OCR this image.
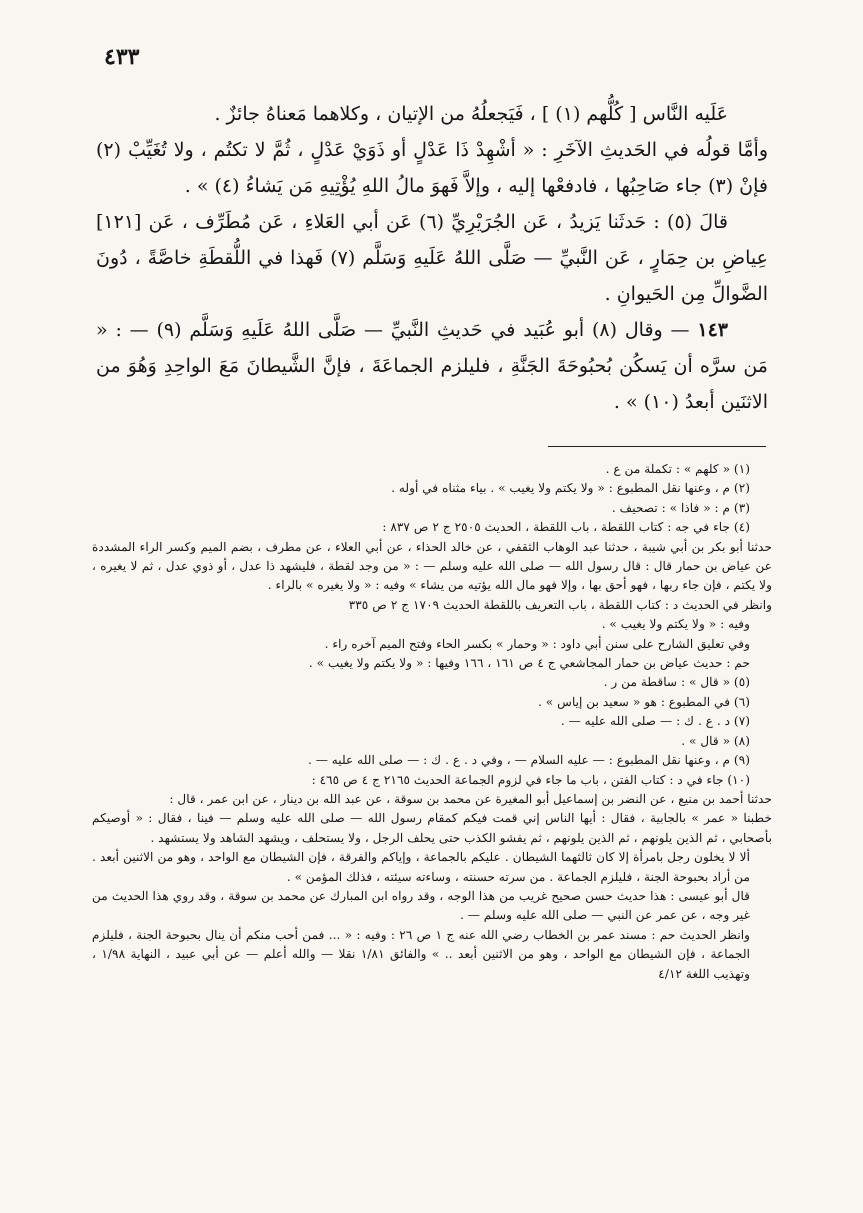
٤٣٣

عَلَيه النَّاس [ كُلُّهم (١) ] ، فَيَجعلُهُ من الإتيان ، وكلاهما مَعناهُ جائزٌ .

وأمَّا قولُه في الحَديثِ الآخَرِ : « أشْهِدْ ذَا عَدْلٍ أو ذَوَيْ عَدْلٍ ، ثُمَّ لا تكتُم ، ولا تُغَيِّبْ (٢) فإنْ (٣) جاء صَاحِبُها ، فادفعْها إليه ، وإلاَّ فَهوَ مالُ اللهِ يُؤْتِيهِ مَن يَشاءُ (٤) » .

قالَ (٥) : حَدثَنا يَزيدُ ، عَن الجُرَيْرِيِّ (٦) عَن أبي العَلاءِ ، عَن مُطَرِّف ، عَن [١٢١] عِياضِ بن حِمَارٍ ، عَن النَّبيِّ — صَلَّى اللهُ عَلَيهِ وَسَلَّم (٧) فَهذا في اللُّقطَةِ خاصَّةً ، دُونَ الضَّوالِّ مِن الحَيوانِ .

١٤٣ — وقال (٨) أبو عُبَيد في حَديثِ النَّبيِّ — صَلَّى اللهُ عَلَيهِ وَسَلَّم (٩) — : « مَن سرَّه أن يَسكُن بُحبُوحَةَ الجَنَّةِ ، فليلزم الجماعَةَ ، فإنَّ الشَّيطانَ مَعَ الواحِدِ وَهُوَ من الاثنَين أبعدُ (١٠) » .

(١) « كلهم » : تكملة من ع .

(٢) م ، وعنها نقل المطبوع : « ولا يكتم ولا يغيب » . بياء مثناه في أوله .

(٣) م : « فاذا » : تصحيف .

(٤) جاء في جه : كتاب اللقطة ، باب اللقطة ، الحديث ٢٥٠٥ ج ٢ ص ٨٣٧ :

حدثنا أبو بكر بن أبي شيبة ، حدثنا عبد الوهاب الثقفي ، عن خالد الحذاء ، عن أبي العلاء ، عن مطرف ، بضم الميم وكسر الراء المشددة عن عياض بن حمار قال : قال رسول الله — صلى الله عليه وسلم — : « من وجد لقطة ، فليشهد ذا عدل ، أو ذوي عدل ، ثم لا يغيره ، ولا يكتم ، فإن جاء ربها ، فهو أحق بها ، وإلا فهو مال الله يؤتيه من يشاء » وفيه : « ولا يغيره » بالراء .

وانظر في الحديث د : كتاب اللقطة ، باب التعريف باللقطة الحديث ١٧٠٩ ج ٢ ص ٣٣٥

وفيه : « ولا يكتم ولا يغيب » .

وفي تعليق الشارح على سنن أبي داود : « وحمار » بكسر الحاء وفتح الميم آخره راء .

حم : حديث عياض بن حمار المجاشعي ج ٤ ص ١٦١ ، ١٦٦ وفيها : « ولا يكتم ولا يغيب » .

(٥) « قال » : ساقطة من ر .

(٦) في المطبوع : هو « سعيد بن إياس » .

(٧) د . ع . ك : — صلى الله عليه — .

(٨) « قال » .

(٩) م ، وعنها نقل المطبوع : — عليه السلام — ، وفي د . ع . ك : — صلى الله عليه — .

(١٠) جاء في د : كتاب الفتن ، باب ما جاء في لزوم الجماعة الحديث ٢١٦٥ ج ٤ ص ٤٦٥ :

حدثنا أحمد بن منيع ، عن النضر بن إسماعيل أبو المغيرة عن محمد بن سوقة ، عن عبد الله بن دينار ، عن ابن عمر ، قال :

خطبنا « عمر » بالجابية ، فقال : أيها الناس إني قمت فيكم كمقام رسول الله — صلى الله عليه وسلم — فينا ، فقال : « أوصيكم بأصحابي ، ثم الذين يلونهم ، ثم الذين يلونهم ، ثم يفشو الكذب حتى يحلف الرجل ، ولا يستحلف ، ويشهد الشاهد ولا يستشهد .

ألا لا يخلون رجل بامرأة إلا كان ثالثهما الشيطان . عليكم بالجماعة ، وإياكم والفرقة ، فإن الشيطان مع الواحد ، وهو من الاثنين أبعد . من أراد بحبوحة الجنة ، فليلزم الجماعة . من سرته حسنته ، وساءته سيئته ، فذلك المؤمن » .

قال أبو عيسى : هذا حديث حسن صحيح غريب من هذا الوجه ، وقد رواه ابن المبارك عن محمد بن سوقة ، وقد روي هذا الحديث من غير وجه ، عن عمر عن النبي — صلى الله عليه وسلم — .

وانظر الحديث حم : مسند عمر بن الخطاب رضي الله عنه ج ١ ص ٢٦ : وفيه : « ... فمن أحب منكم أن ينال بحبوحة الجنة ، فليلزم الجماعة ، فإن الشيطان مع الواحد ، وهو من الاثنين أبعد .. » والفائق ١/٨١ نقلا — والله أعلم — عن أبي عبيد ، النهاية ١/٩٨ ، وتهذيب اللغة ٤/١٢
